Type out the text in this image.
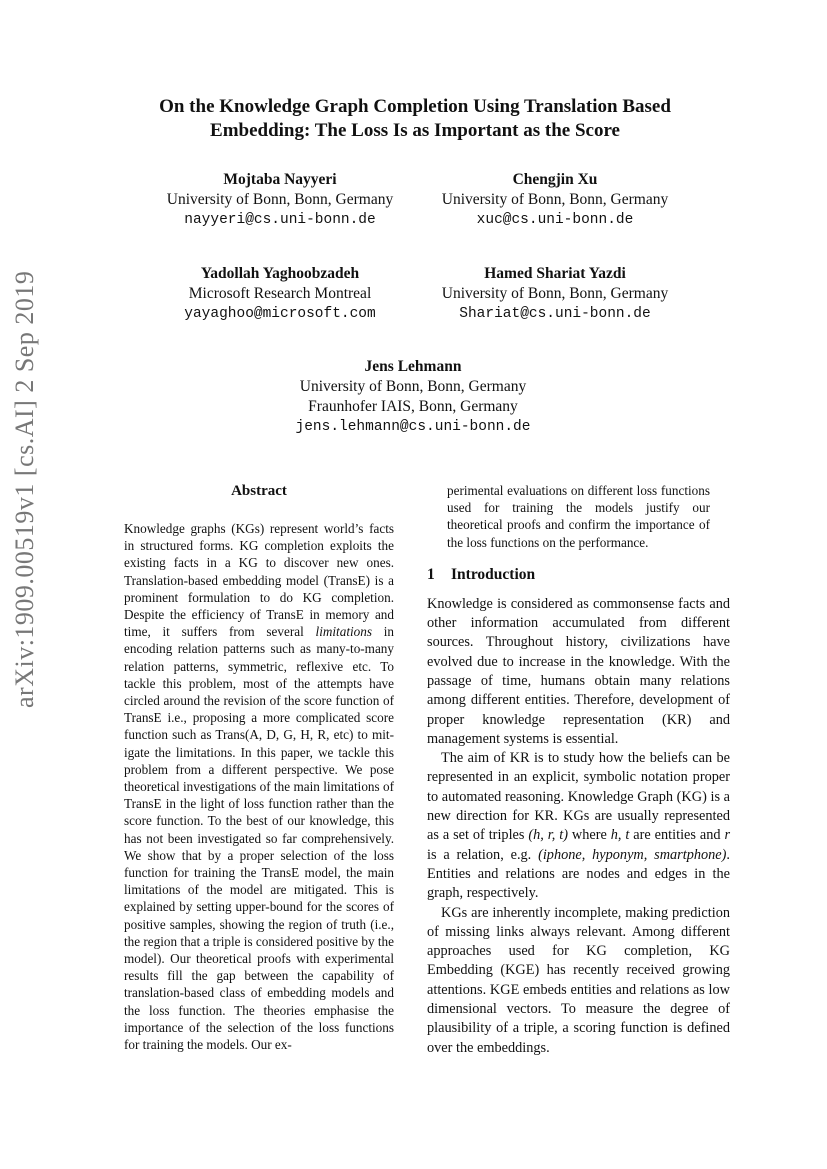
arXiv:1909.00519v1 [cs.AI] 2 Sep 2019
On the Knowledge Graph Completion Using Translation Based
Embedding: The Loss Is as Important as the Score
Mojtaba Nayyeri
University of Bonn, Bonn, Germany
nayyeri@cs.uni-bonn.de
Chengjin Xu
University of Bonn, Bonn, Germany
xuc@cs.uni-bonn.de
Yadollah Yaghoobzadeh
Microsoft Research Montreal
yayaghoo@microsoft.com
Hamed Shariat Yazdi
University of Bonn, Bonn, Germany
Shariat@cs.uni-bonn.de
Jens Lehmann
University of Bonn, Bonn, Germany
Fraunhofer IAIS, Bonn, Germany
jens.lehmann@cs.uni-bonn.de
Abstract

Knowledge graphs (KGs) represent world’s facts in structured forms. KG completion exploits the existing facts in a KG to discover new ones. Translation-based embedding model (TransE) is a prominent formulation to do KG completion. Despite the efficiency of TransE in memory and time, it suffers from several limitations in encoding relation patterns such as many-to-many relation patterns, symmetric, reflexive etc. To tackle this problem, most of the attempts have circled around the revision of the score function of TransE i.e., proposing a more complicated score function such as Trans(A, D, G, H, R, etc) to mitigate the limitations. In this paper, we tackle this problem from a different perspective. We pose theoretical investigations of the main limitations of TransE in the light of loss function rather than the score function. To the best of our knowledge, this has not been investigated so far comprehensively. We show that by a proper selection of the loss function for training the TransE model, the main limitations of the model are mitigated. This is explained by setting upper-bound for the scores of positive samples, showing the region of truth (i.e., the region that a triple is considered positive by the model). Our theoretical proofs with experimental results fill the gap between the capability of translation-based class of embedding models and the loss function. The theories emphasise the importance of the selection of the loss functions for training the models. Our ex-

perimental evaluations on different loss functions used for training the models justify our theoretical proofs and confirm the importance of the loss functions on the performance.

1 Introduction

Knowledge is considered as commonsense facts and other information accumulated from different sources. Throughout history, civilizations have evolved due to increase in the knowledge. With the passage of time, humans obtain many relations among different entities. Therefore, development of proper knowledge representation (KR) and management systems is essential.

The aim of KR is to study how the beliefs can be represented in an explicit, symbolic notation proper to automated reasoning. Knowledge Graph (KG) is a new direction for KR. KGs are usually represented as a set of triples (h, r, t) where h, t are entities and r is a relation, e.g. (iphone, hyponym, smartphone). Entities and relations are nodes and edges in the graph, respectively.

KGs are inherently incomplete, making prediction of missing links always relevant. Among different approaches used for KG completion, KG Embedding (KGE) has recently received growing attentions. KGE embeds entities and relations as low dimensional vectors. To measure the degree of plausibility of a triple, a scoring function is defined over the embeddings.
